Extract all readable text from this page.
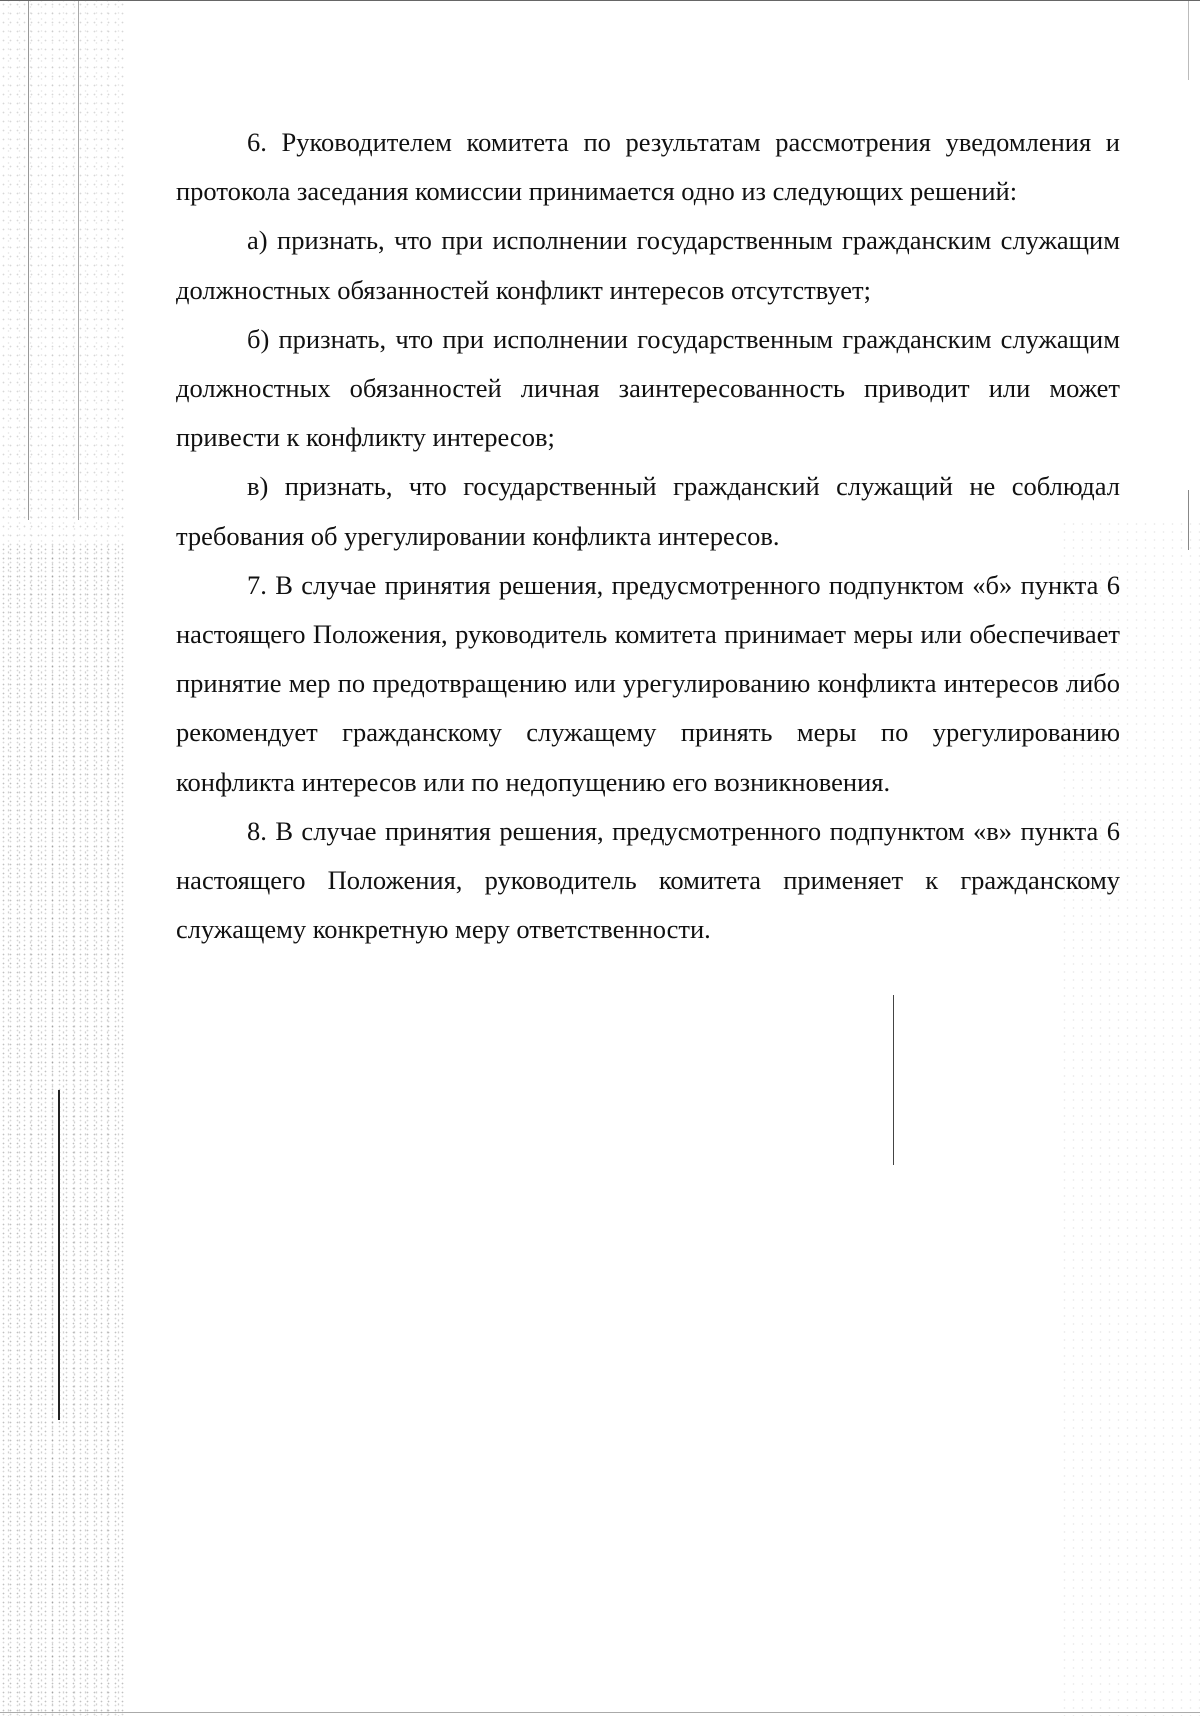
6. Руководителем комитета по результатам рассмотрения уведомления и протокола заседания комиссии принимается одно из следующих решений:

а) признать, что при исполнении государственным гражданским служащим должностных обязанностей конфликт интересов отсутствует;

б) признать, что при исполнении государственным гражданским служащим должностных обязанностей личная заинтересованность приводит или может привести к конфликту интересов;

в) признать, что государственный гражданский служащий не соблюдал требования об урегулировании конфликта интересов.

7. В случае принятия решения, предусмотренного подпунктом «б» пункта 6 настоящего Положения, руководитель комитета принимает меры или обеспечивает принятие мер по предотвращению или урегулированию конфликта интересов либо рекомендует гражданскому служащему принять меры по урегулированию конфликта интересов или по недопущению его возникновения.

8. В случае принятия решения, предусмотренного подпунктом «в» пункта 6 настоящего Положения, руководитель комитета применяет к гражданскому служащему конкретную меру ответственности.
